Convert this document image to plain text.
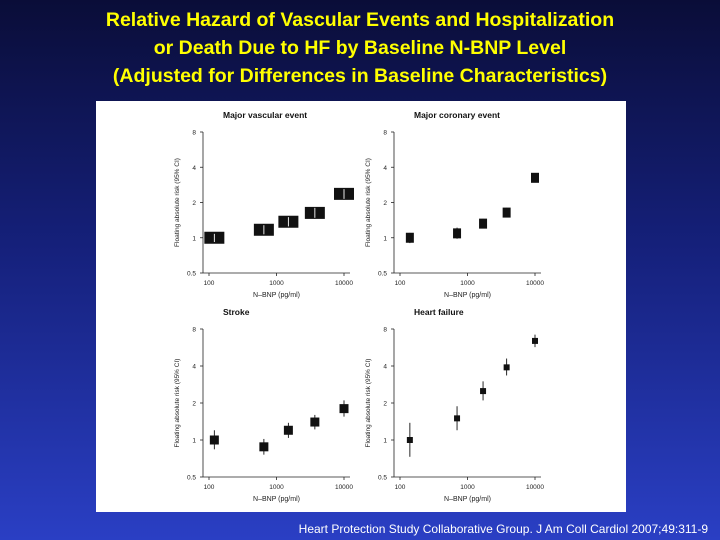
Relative Hazard of Vascular Events and Hospitalization
or Death Due to HF by Baseline N-BNP Level
(Adjusted for Differences in Baseline Characteristics)
Major vascular event
0.5
1
2
4
8
100	1000	10000
N–BNP (pg/ml)
Floating absolute risk (95% CI)
Major coronary event
0.5
1
2
4
8
100	1000	10000
N–BNP (pg/ml)
Floating absolute risk (95% CI)
Stroke
0.5
1
2
4
8
100	1000	10000
N–BNP (pg/ml)
Floating absolute risk (95% CI)
Heart failure
0.5
1
2
4
8
100	1000	10000
N–BNP (pg/ml)
Floating absolute risk (95% CI)
Heart Protection Study Collaborative Group. J Am Coll Cardiol 2007;49:311-9
